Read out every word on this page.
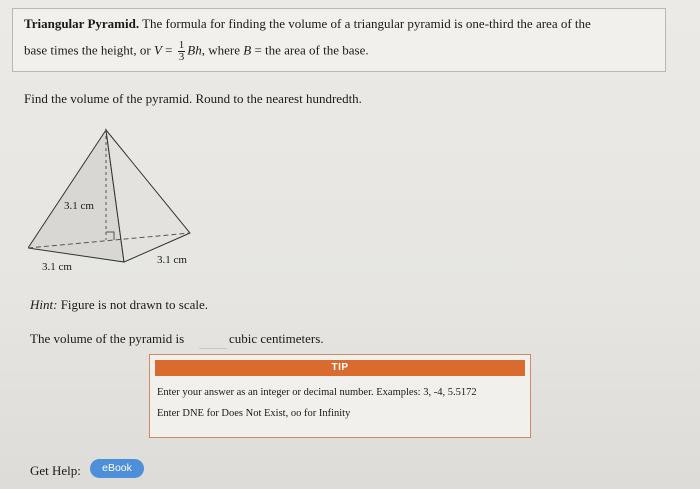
Triangular Pyramid. The formula for finding the volume of a triangular pyramid is one-third the area of the
base times the height, or $V = \frac{1}{3} Bh$, where B = the area of the base.
Find the volume of the pyramid. Round to the nearest hundredth.
3.1 cm
3.1 cm
3.1 cm
Hint: Figure is not drawn to scale.
The volume of the pyramid is	cubic centimeters.
TIP
Enter your answer as an integer or decimal number. Examples: 3, -4, 5.5172
Enter DNE for Does Not Exist, oo for Infinity
Get Help:	eBook
